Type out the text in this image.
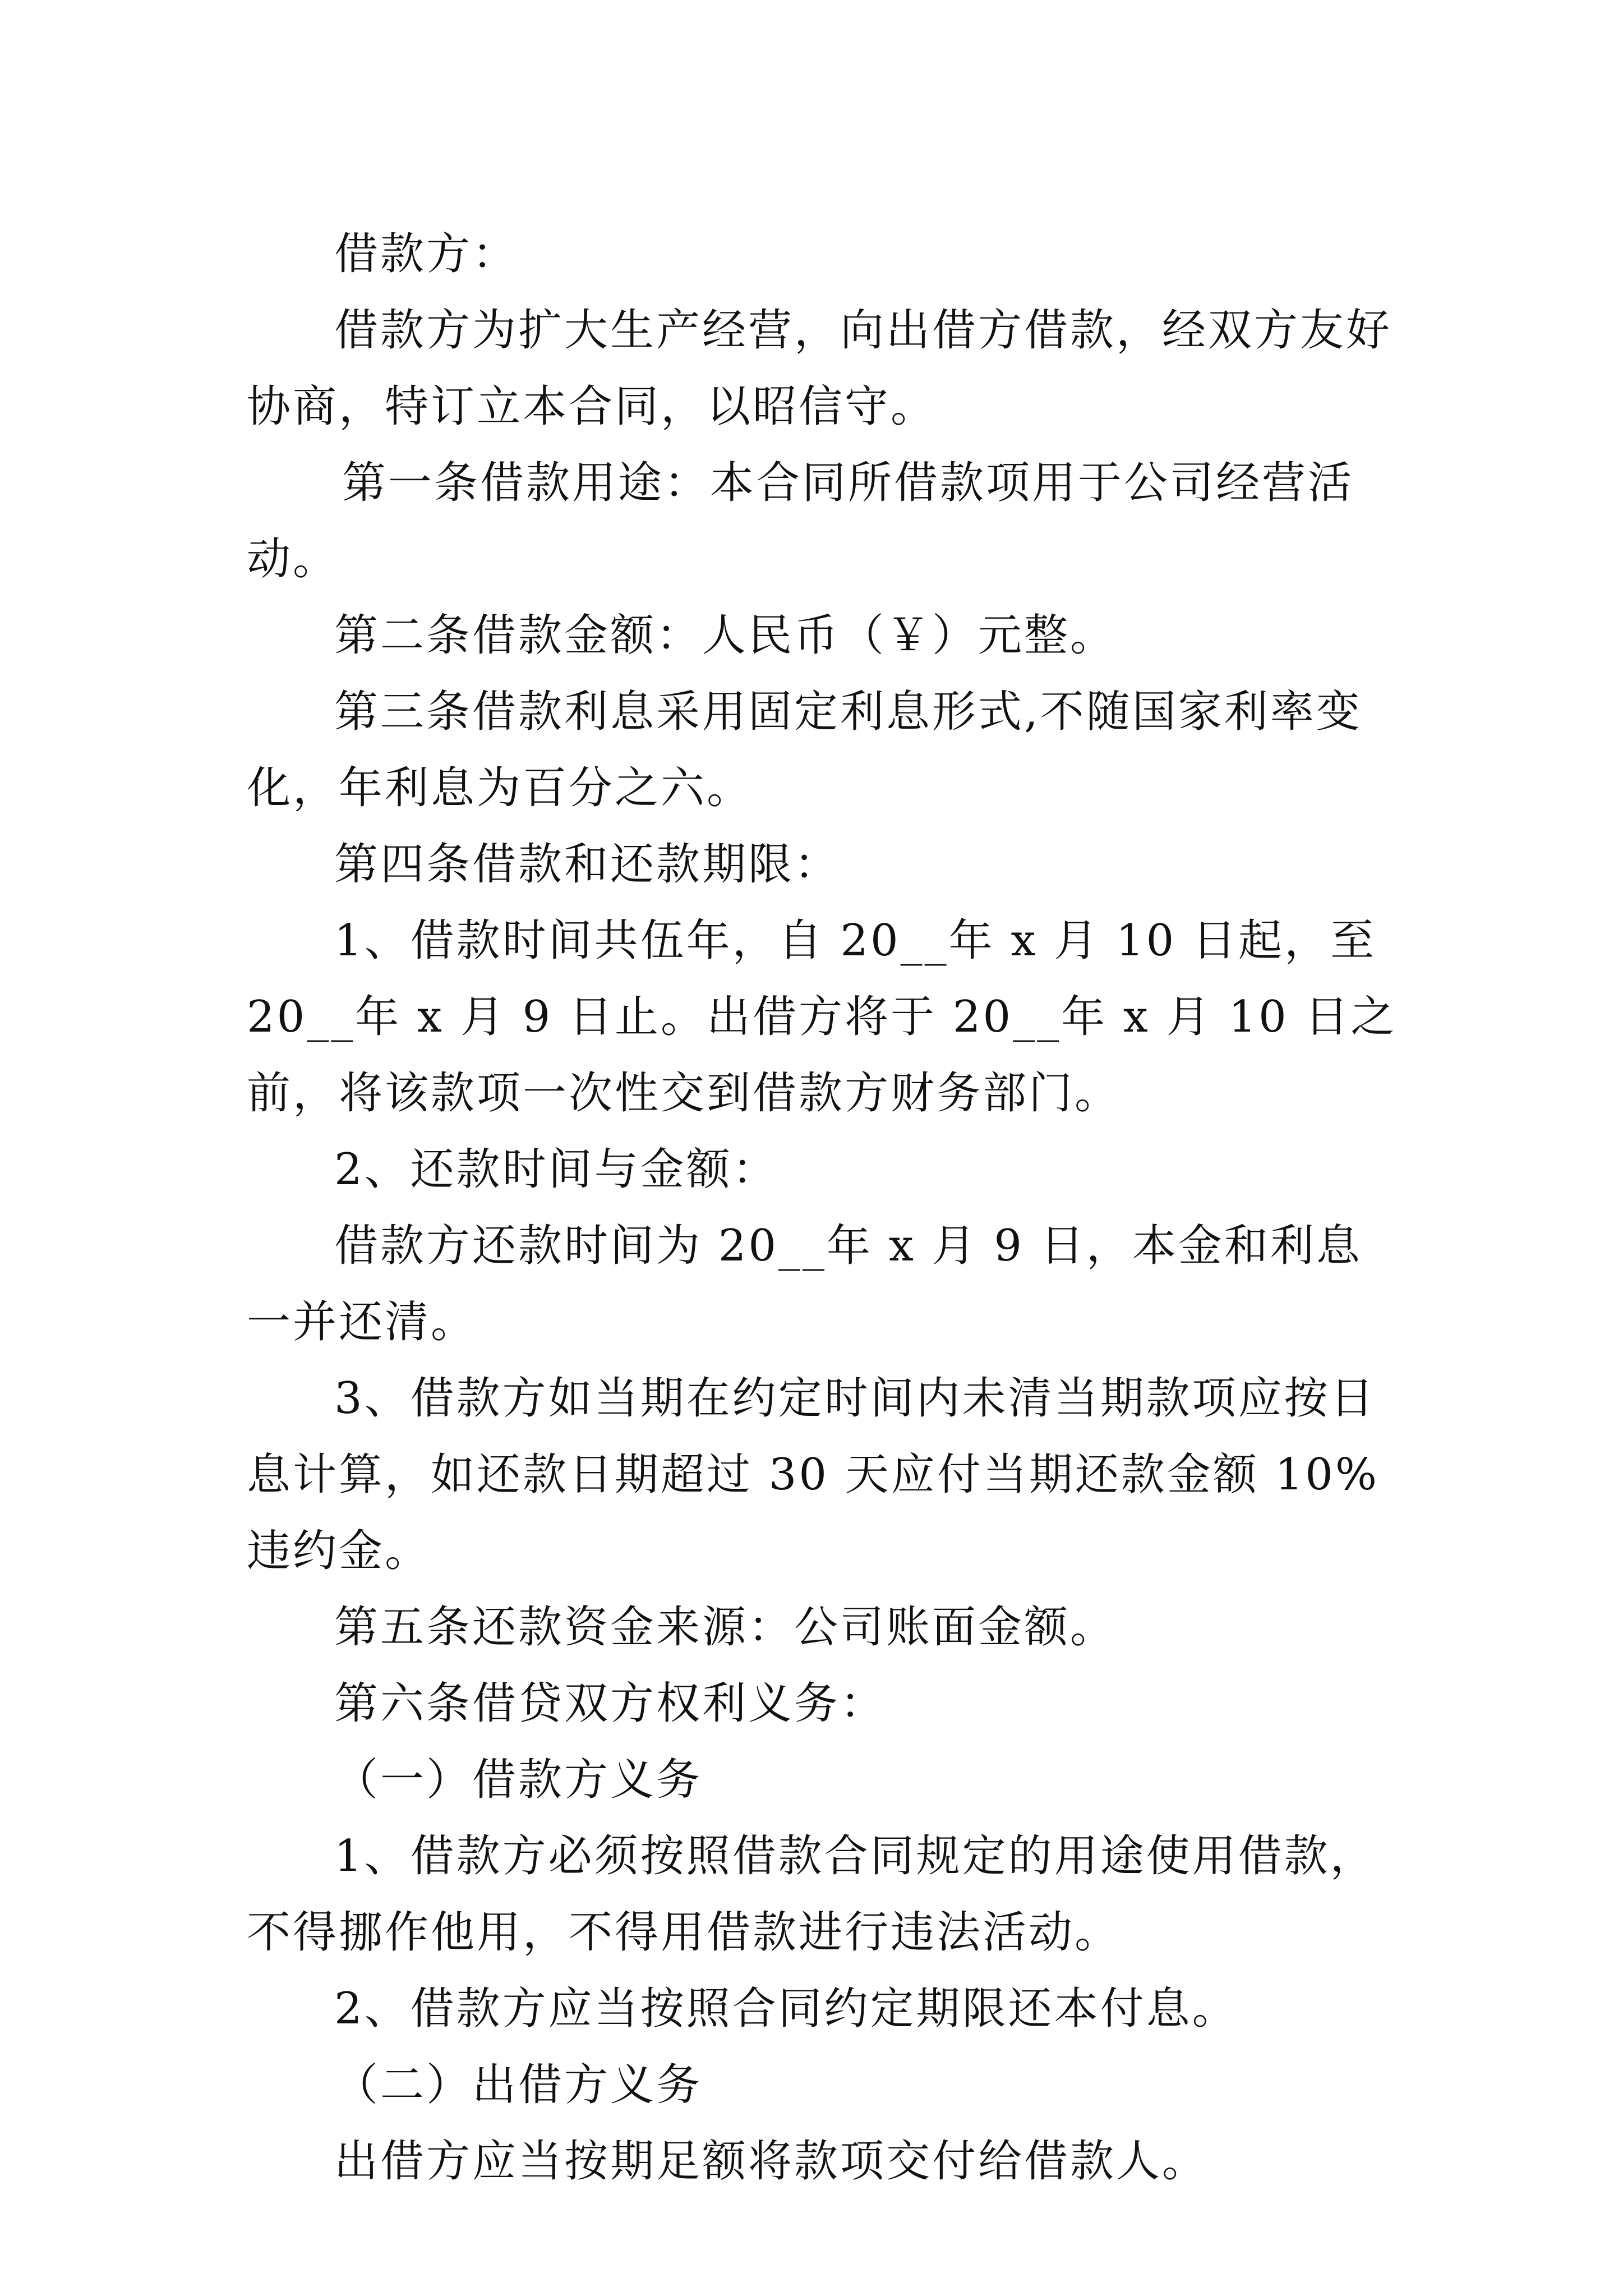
借款方：

借款方为扩大生产经营，向出借方借款，经双方友好协商，特订立本合同，以昭信守。

第一条借款用途：本合同所借款项用于公司经营活动。

第二条借款金额：人民币（￥）元整。

第三条借款利息采用固定利息形式,不随国家利率变化，年利息为百分之六。

第四条借款和还款期限：

1、借款时间共伍年，自 20__年 x 月 10 日起，至 20__年 x 月 9 日止。出借方将于 20__年 x 月 10 日之前，将该款项一次性交到借款方财务部门。

2、还款时间与金额：

借款方还款时间为 20__年 x 月 9 日，本金和利息一并还清。

3、借款方如当期在约定时间内未清当期款项应按日息计算，如还款日期超过 30 天应付当期还款金额 10%违约金。

第五条还款资金来源：公司账面金额。

第六条借贷双方权利义务：

（一）借款方义务

1、借款方必须按照借款合同规定的用途使用借款，不得挪作他用，不得用借款进行违法活动。

2、借款方应当按照合同约定期限还本付息。

（二）出借方义务

出借方应当按期足额将款项交付给借款人。
